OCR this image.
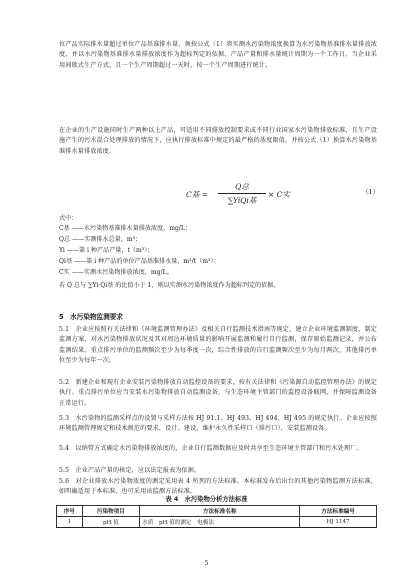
位产品实际排水量超过单位产品基准排水量，须按公式（1）将实测水污染物浓度换算为水污染物基准排水量排放浓度，并以水污染物基准排水量排放浓度作为超标判定的依据。产品产量和排水量统计周期为一个工作日。当企业采用间歇式生产方式，且一个生产周期超过一天时，按一个生产周期进行统计。
在企业的生产设施同时生产两种以上产品，可适用不同排放控制要求或不同行业国家水污染物排放标准，且生产设施产生的污水混合处理排放的情况下，应执行排放标准中规定的最严格的浓度限值，并按公式（1）换算水污染物基准排水量排放浓度。
C基 =
Q总
∑YiQi基
× C实	（1）
式中：
C基 ——水污染物基准排水量排放浓度，mg/L；
Q总 ——实测排水总量，m³；
Yi ——第 i 种产品产量，t（m³）；
Qi基 ——第 i 种产品的单位产品基准排水量，m³/t（m³）；
C实 ——实测水污染物排放浓度，mg/L。
若 Q 总与 ∑Yi·Qi基 的比值小于 1，则以实测水污染物浓度作为超标判定的依据。
5　水污染物监测要求
5.1　企业应按照有关法律和《环境监测管理办法》及相关自行监测技术指南等规定，建立企业环境监测制度，制定监测方案，对水污染物排放状况及其对周边环境质量的影响开展监测和履行自行监测，保存原始监测记录，并公布监测结果。重点排污单位的监测频次至少为每季度一次，综合性排放的自行监测频次至少为每月两次，其他排污单位至少为每年一次。
5.2　新建企业和现有企业安装污染物排放自动监控设备的要求，按有关法律和《污染源自动监控管理办法》的规定执行。重点排污单位应当安装水污染物排放自动监测设备，与生态环境主管部门的监控设备联网，并保障监测设备正常运行。
5.3　水污染物的监测采样点的设置与采样方法按 HJ 91.1、HJ 493、HJ 494、HJ 495 的规定执行。企业应按照环境监测管理规定和技术规范的要求，设计、建设、维护永久性采样口（排污口），安装监测设备。
5.4　以纳管方式确定水污染物排放浓度的，企业自行监测数据应及时共享至生态环境主管部门和污水处理厂。
5.5　企业产品产量的核定，应以法定报表为依据。
5.6　对企业排放水污染物浓度的测定采用表 4 所列的方法标准。本标准发布后出台的其他污染物监测方法标准，如明确适用于本标准，也可采用该监测方法标准。
表 4　水污染物分析方法标准
序号	污染物项目	方法标准名称	方法标准编号
1	pH 值	水质　pH 值的测定　电极法	HJ 1147
5
